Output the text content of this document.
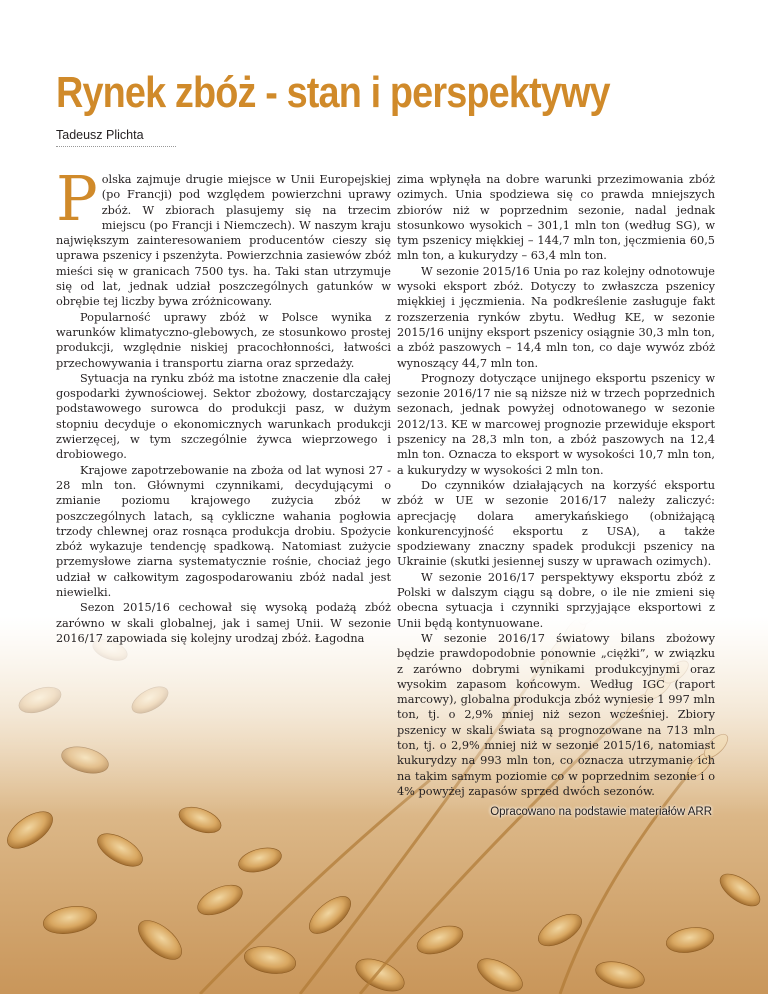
Rynek zbóż - stan i perspektywy
Tadeusz Plichta

Polska zajmuje drugie miejsce w Unii Europejskiej (po Francji) pod względem powierzchni uprawy zbóż. W zbiorach plasujemy się na trzecim miejscu (po Francji i Niemczech). W naszym kraju największym zainteresowaniem producentów cieszy się uprawa pszenicy i pszenżyta. Powierzchnia zasiewów zbóż mieści się w granicach 7500 tys. ha. Taki stan utrzymuje się od lat, jednak udział poszczególnych gatunków w obrębie tej liczby bywa zróżnicowany.

Popularność uprawy zbóż w Polsce wynika z warunków klimatyczno-glebowych, ze stosunkowo prostej produkcji, względnie niskiej pracochłonności, łatwości przechowywania i transportu ziarna oraz sprzedaży.

Sytuacja na rynku zbóż ma istotne znaczenie dla całej gospodarki żywnościowej. Sektor zbożowy, dostarczający podstawowego surowca do produkcji pasz, w dużym stopniu decyduje o ekonomicznych warunkach produkcji zwierzęcej, w tym szczególnie żywca wieprzowego i drobiowego.

Krajowe zapotrzebowanie na zboża od lat wynosi 27 - 28 mln ton. Głównymi czynnikami, decydującymi o zmianie poziomu krajowego zużycia zbóż w poszczególnych latach, są cykliczne wahania pogłowia trzody chlewnej oraz rosnąca produkcja drobiu. Spożycie zbóż wykazuje tendencję spadkową. Natomiast zużycie przemysłowe ziarna systematycznie rośnie, chociaż jego udział w całkowitym zagospodarowaniu zbóż nadal jest niewielki.

Sezon 2015/16 cechował się wysoką podażą zbóż zarówno w skali globalnej, jak i samej Unii. W sezonie 2016/17 zapowiada się kolejny urodzaj zbóż. Łagodna

zima wpłynęła na dobre warunki przezimowania zbóż ozimych. Unia spodziewa się co prawda mniejszych zbiorów niż w poprzednim sezonie, nadal jednak stosunkowo wysokich – 301,1 mln ton (według SG), w tym pszenicy miękkiej – 144,7 mln ton, jęczmienia 60,5 mln ton, a kukurydzy – 63,4 mln ton.

W sezonie 2015/16 Unia po raz kolejny odnotowuje wysoki eksport zbóż. Dotyczy to zwłaszcza pszenicy miękkiej i jęczmienia. Na podkreślenie zasługuje fakt rozszerzenia rynków zbytu. Według KE, w sezonie 2015/16 unijny eksport pszenicy osiągnie 30,3 mln ton, a zbóż paszowych – 14,4 mln ton, co daje wywóz zbóż wynoszący 44,7 mln ton.

Prognozy dotyczące unijnego eksportu pszenicy w sezonie 2016/17 nie są niższe niż w trzech poprzednich sezonach, jednak powyżej odnotowanego w sezonie 2012/13. KE w marcowej prognozie przewiduje eksport pszenicy na 28,3 mln ton, a zbóż paszowych na 12,4 mln ton. Oznacza to eksport w wysokości 10,7 mln ton, a kukurydzy w wysokości 2 mln ton.

Do czynników działających na korzyść eksportu zbóż w UE w sezonie 2016/17 należy zaliczyć: aprecjację dolara amerykańskiego (obniżającą konkurencyjność eksportu z USA), a także spodziewany znaczny spadek produkcji pszenicy na Ukrainie (skutki jesiennej suszy w uprawach ozimych).

W sezonie 2016/17 perspektywy eksportu zbóż z Polski w dalszym ciągu są dobre, o ile nie zmieni się obecna sytuacja i czynniki sprzyjające eksportowi z Unii będą kontynuowane.

W sezonie 2016/17 światowy bilans zbożowy będzie prawdopodobnie ponownie „ciężki”, w związku z zarówno dobrymi wynikami produkcyjnymi oraz wysokim zapasom końcowym. Według IGC (raport marcowy), globalna produkcja zbóż wyniesie 1 997 mln ton, tj. o 2,9% mniej niż sezon wcześniej. Zbiory pszenicy w skali świata są prognozowane na 713 mln ton, tj. o 2,9% mniej niż w sezonie 2015/16, natomiast kukurydzy na 993 mln ton, co oznacza utrzymanie ich na takim samym poziomie co w poprzednim sezonie i o 4% powyżej zapasów sprzed dwóch sezonów.

Opracowano na podstawie materiałów ARR
